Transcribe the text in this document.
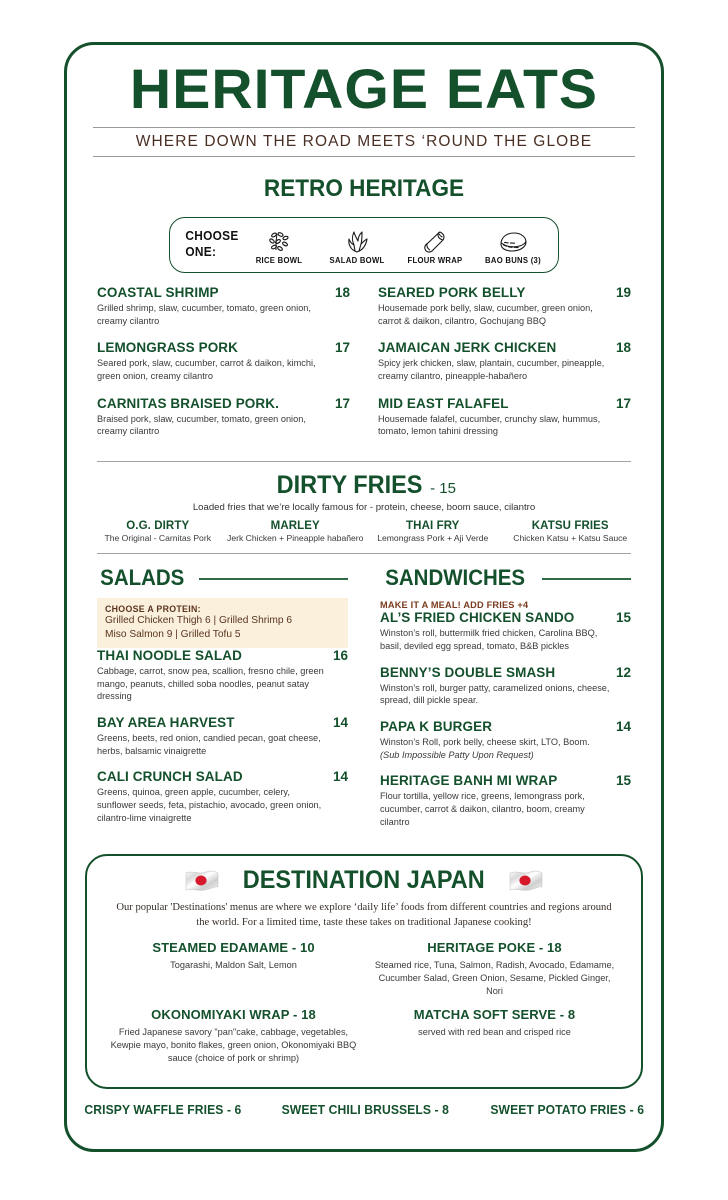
HERITAGE EATS
WHERE DOWN THE ROAD MEETS ‘ROUND THE GLOBE
RETRO HERITAGE
CHOOSE ONE:
RICE BOWL	SALAD BOWL	FLOUR WRAP	BAO BUNS (3)
COASTAL SHRIMP	18
Grilled shrimp, slaw, cucumber, tomato, green onion, creamy cilantro
LEMONGRASS PORK	17
Seared pork, slaw, cucumber, carrot & daikon, kimchi, green onion, creamy cilantro
CARNITAS BRAISED PORK.	17
Braised pork, slaw, cucumber, tomato, green onion, creamy cilantro
SEARED PORK BELLY	19
Housemade pork belly, slaw, cucumber, green onion, carrot & daikon, cilantro, Gochujang BBQ
JAMAICAN JERK CHICKEN	18
Spicy jerk chicken, slaw, plantain, cucumber, pineapple, creamy cilantro, pineapple-habañero
MID EAST FALAFEL	17
Housemade falafel, cucumber, crunchy slaw, hummus, tomato, lemon tahini dressing
DIRTY FRIES - 15
Loaded fries that we’re locally famous for - protein, cheese, boom sauce, cilantro
O.G. DIRTY
The Original - Carnitas Pork
MARLEY
Jerk Chicken + Pineapple habañero
THAI FRY
Lemongrass Pork + Aji Verde
KATSU FRIES
Chicken Katsu + Katsu Sauce
SALADS
CHOOSE A PROTEIN:
Grilled Chicken Thigh 6 | Grilled Shrimp 6
Miso Salmon 9 | Grilled Tofu 5
THAI NOODLE SALAD	16
Cabbage, carrot, snow pea, scallion, fresno chile, green mango, peanuts, chilled soba noodles, peanut satay dressing
BAY AREA HARVEST	14
Greens, beets, red onion, candied pecan, goat cheese, herbs, balsamic vinaigrette
CALI CRUNCH SALAD	14
Greens, quinoa, green apple, cucumber, celery, sunflower seeds, feta, pistachio, avocado, green onion, cilantro-lime vinaigrette
SANDWICHES
MAKE IT A MEAL! ADD FRIES +4
AL’S FRIED CHICKEN SANDO	15
Winston’s roll, buttermilk fried chicken, Carolina BBQ, basil, deviled egg spread, tomato, B&B pickles
BENNY’S DOUBLE SMASH	12
Winston’s roll, burger patty, caramelized onions, cheese, spread, dill pickle spear.
PAPA K BURGER	14
Winston’s Roll, pork belly, cheese skirt, LTO, Boom.
(Sub Impossible Patty Upon Request)
HERITAGE BANH MI WRAP	15
Flour tortilla, yellow rice, greens, lemongrass pork, cucumber, carrot & daikon, cilantro, boom, creamy cilantro
DESTINATION JAPAN
Our popular 'Destinations' menus are where we explore ‘daily life’ foods from different countries and regions around the world. For a limited time, taste these takes on traditional Japanese cooking!
STEAMED EDAMAME - 10
Togarashi, Maldon Salt, Lemon
HERITAGE POKE - 18
Steamed rice, Tuna, Salmon, Radish, Avocado, Edamame, Cucumber Salad, Green Onion, Sesame, Pickled Ginger, Nori
OKONOMIYAKI WRAP - 18
Fried Japanese savory "pan"cake, cabbage, vegetables, Kewpie mayo, bonito flakes, green onion, Okonomiyaki BBQ sauce (choice of pork or shrimp)
MATCHA SOFT SERVE - 8
served with red bean and crisped rice
CRISPY WAFFLE FRIES - 6	SWEET CHILI BRUSSELS - 8	SWEET POTATO FRIES - 6
